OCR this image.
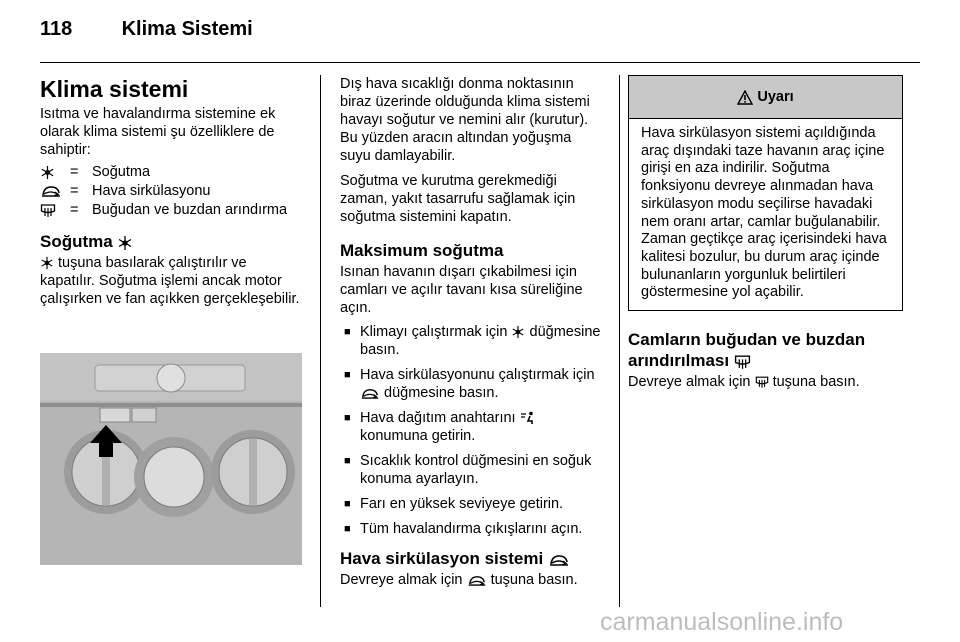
118 Klima Sistemi
Klima sistemi

Isıtma ve havalandırma sistemine ek olarak klima sistemi şu özelliklere de sahiptir:

= Soğutma
= Hava sirkülasyonu
= Buğudan ve buzdan arındırma
Soğutma

tuşuna basılarak çalıştırılır ve kapatılır. Soğutma işlemi ancak motor çalışırken ve fan açıkken gerçekleşebilir.

Dış hava sıcaklığı donma noktasının biraz üzerinde olduğunda klima sistemi havayı soğutur ve nemini alır (kurutur). Bu yüzden aracın altından yoğuşma suyu damlayabilir.

Soğutma ve kurutma gerekmediği zaman, yakıt tasarrufu sağlamak için soğutma sistemini kapatın.

Maksimum soğutma

Isınan havanın dışarı çıkabilmesi için camları ve açılır tavanı kısa süreliğine açın.

■ Klimayı çalıştırmak için düğmesine basın.
■ Hava sirkülasyonunu çalıştırmak için  düğmesine basın.
■ Hava dağıtım anahtarını  konumuna getirin.
■ Sıcaklık kontrol düğmesini en soğuk konuma ayarlayın.
■ Farı en yüksek seviyeye getirin.
■ Tüm havalandırma çıkışlarını açın.
Hava sirkülasyon sistemi

Devreye almak için tuşuna basın.

Uyarı
Hava sirkülasyon sistemi açıldığında araç dışındaki taze havanın araç içine girişi en aza indirilir. Soğutma fonksiyonu devreye alınmadan hava sirkülasyon modu seçilirse havadaki nem oranı artar, camlar buğulanabilir. Zaman geçtikçe araç içerisindeki hava kalitesi bozulur, bu durum araç içinde bulunanların yorgunluk belirtileri göstermesine yol açabilir.
Camların buğudan ve buzdan arındırılması

Devreye almak için tuşuna basın.

carmanualsonline.info
